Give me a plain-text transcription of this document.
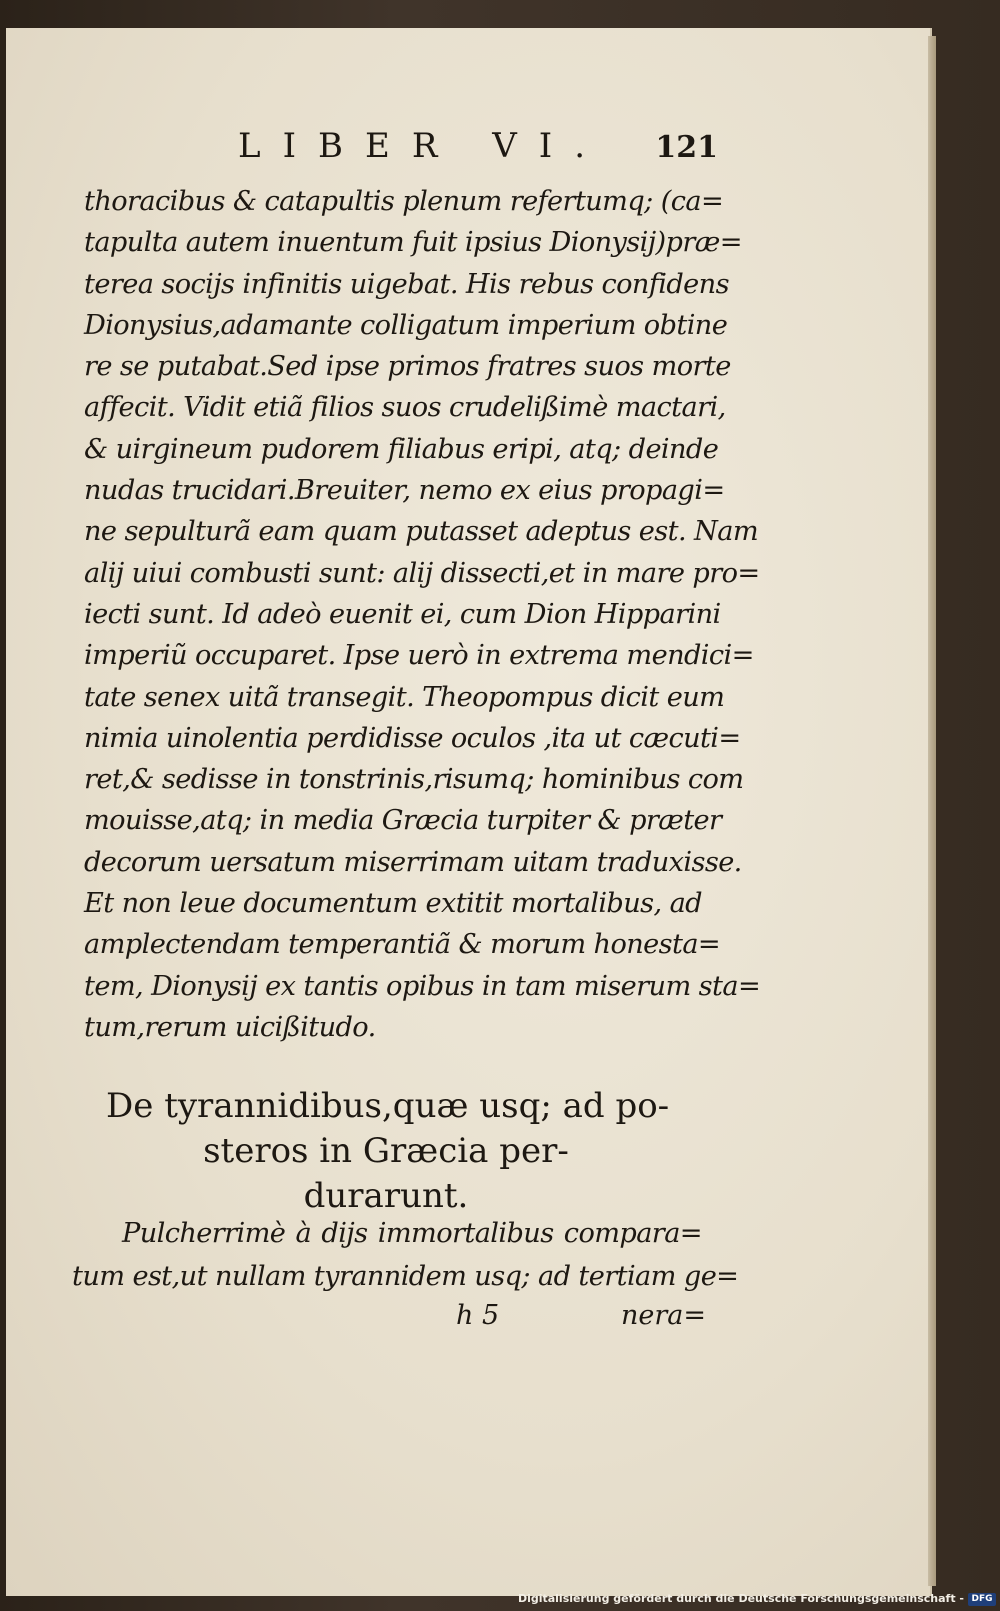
LIBER VI. 121
thoracibus & catapultis plenum refertumq; (ca=
tapulta autem inuentum fuit ipsius Dionysij)præ=
terea socijs infinitis uigebat. His rebus confidens
Dionysius,adamante colligatum imperium obtine
re se putabat.Sed ipse primos fratres suos morte
affecit. Vidit etiã filios suos crudelißimè mactari,
& uirgineum pudorem filiabus eripi, atq; deinde
nudas trucidari.Breuiter, nemo ex eius propagi=
ne sepulturã eam quam putasset adeptus est. Nam
alij uiui combusti sunt: alij dissecti,et in mare pro=
iecti sunt. Id adeò euenit ei, cum Dion Hipparini
imperiũ occuparet. Ipse uerò in extrema mendici=
tate senex uitã transegit. Theopompus dicit eum
nimia uinolentia perdidisse oculos ,ita ut cæcuti=
ret,& sedisse in tonstrinis,risumq; hominibus com
mouisse,atq; in media Græcia turpiter & præter
decorum uersatum miserrimam uitam traduxisse.
Et non leue documentum extitit mortalibus, ad
amplectendam temperantiã & morum honesta=
tem, Dionysij ex tantis opibus in tam miserum sta=
tum,rerum uicißitudo.
De tyrannidibus,quæ usq; ad po-
steros in Græcia per-
durarunt.
Pulcherrimè à dijs immortalibus compara=
tum est,ut nullam tyrannidem usq; ad tertiam ge=
h 5	nera=
Digitalisierung gefördert durch die Deutsche Forschungsgemeinschaft - DFG
